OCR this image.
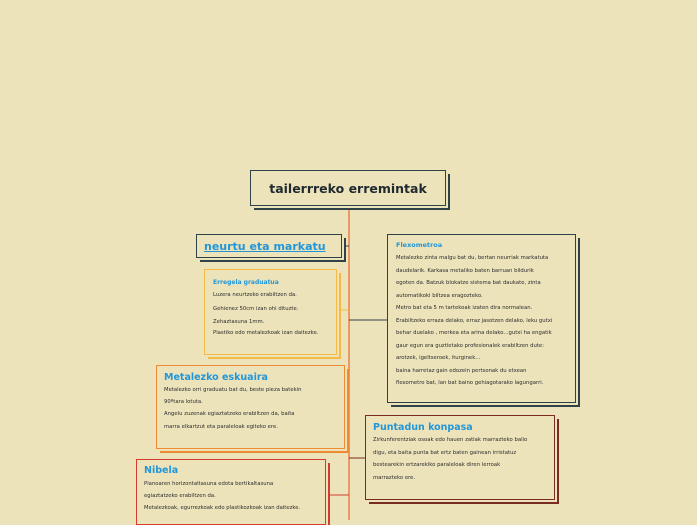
tailerrreko erremintak
neurtu eta markatu
Erregela graduatua
Luzera neurtzeko erabiltzen da.
Gehienez 50cm izan ohi dituzte.
Zehaztasuna 1mm.
Plastiko edo metalezkoak izan daitezke.
Metalezko eskuaira
Metalezko orri graduatu bat du, beste pieza batekin
90ºtara lotuta.
Angelu zuzenak egiaztatzeko erabiltzen da, baita
marra elkartzut eta paraleloak egiteko ere.
Nibela
Planoaren horizontaltasuna edota bertikaltasuna
egiaztatzeko erabiltzen da.
Metalezkoak, egurrezkoak edo plastikozkoak izan daitezke.
Flexometroa
Metalezko zinta malgu bat du, bertan neurriak markatuta
daudelarik. Karkasa metaliko baten barruan bildurik
egoten da. Batzuk blokatze sistema bat daukate, zinta
automatikoki biltzea eragozteko.
Metro bat eta 5 m tartekoak izaten dira normalean.
Erabiltzeko erraza delako, erraz jasotzen delako, leku gutxi
behar duelako , merkea eta arina delako...gutxi ha engatik
gaur egun era guztietako profesionalek erabiltzen dute:
arotzek, igeltseroek, iturginek...
baina harretaz gain edozein pertsonak du etxean
flexometro bat, lan bat baino gehiagotarako lagungarri.
Puntadun konpasa
Zirkunferentziak osoak edo hauen zatiak marrazteko balio
digu, eta baita punta bat ertz baten gainean irristatuz
bestearekin ertzarekiko paraleloak diren lerroak
marrazteko ere.
